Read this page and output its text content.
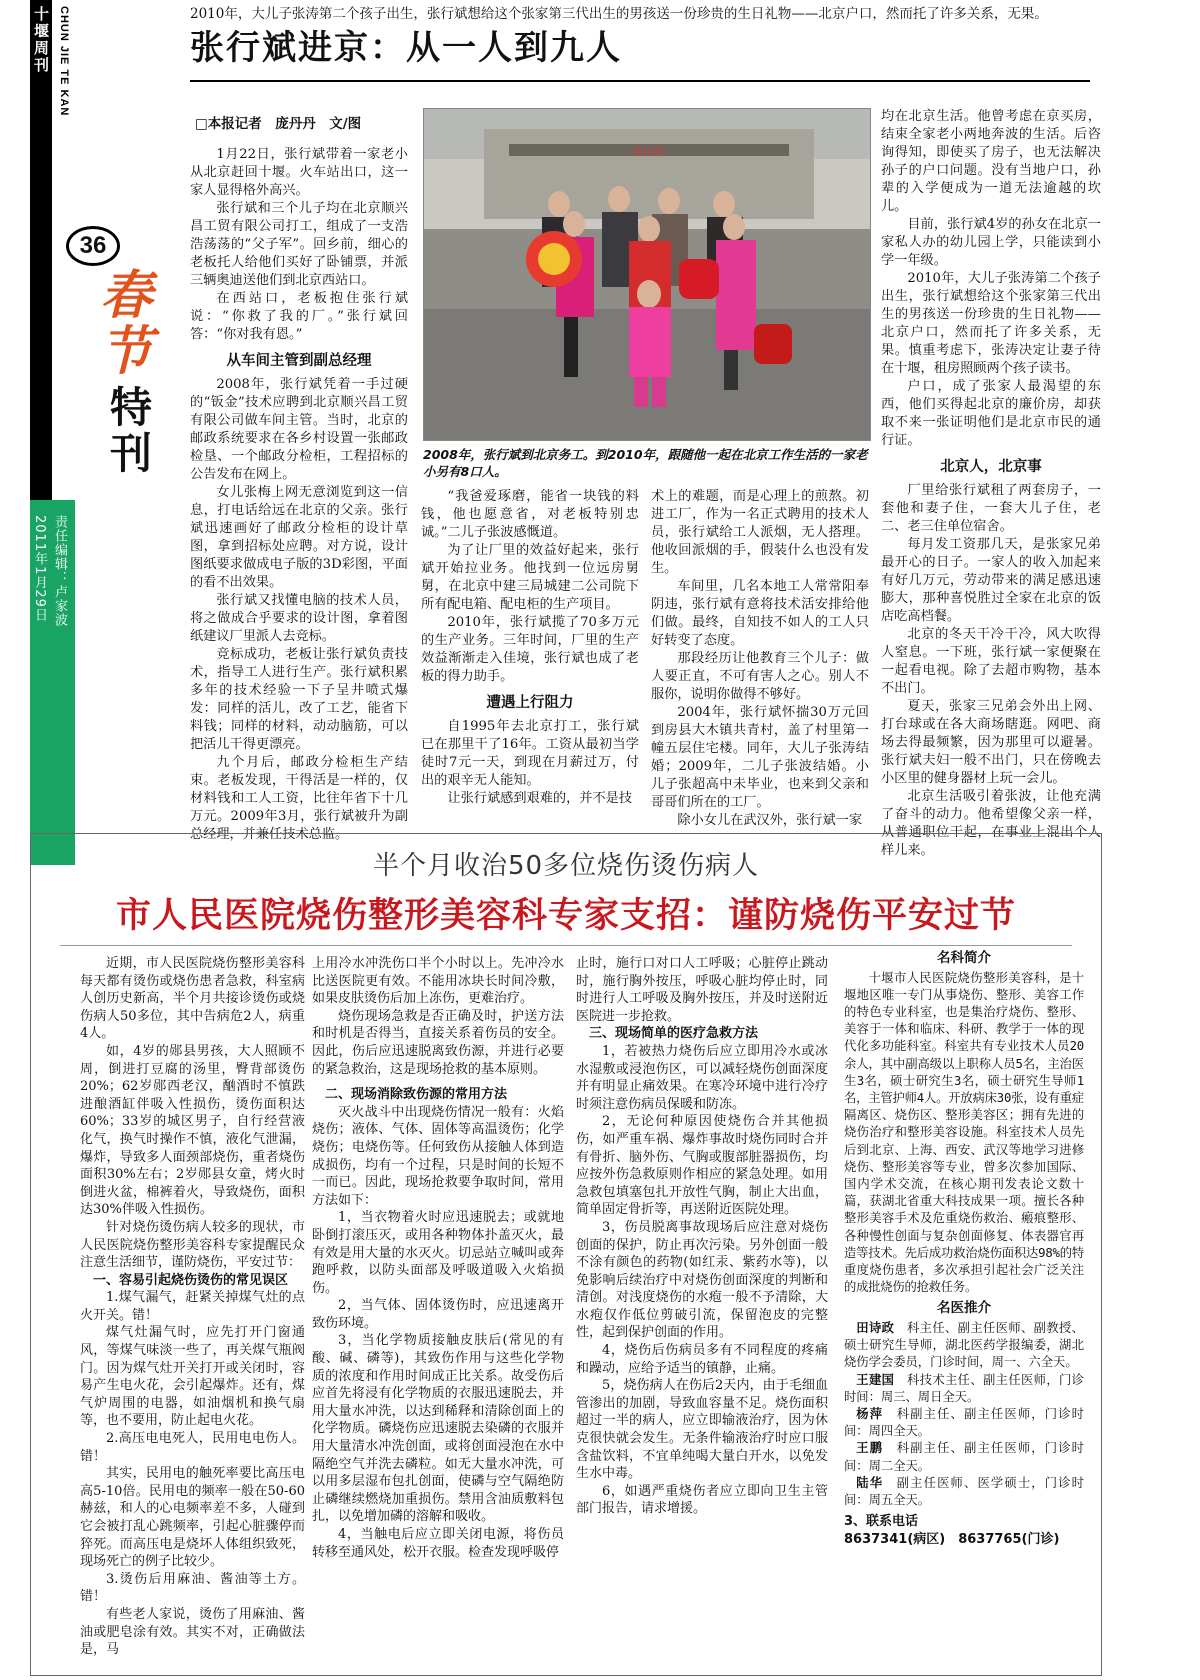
十堰周刊 CHUN JIE TE KAN
36
春节
特刊
2011年1月29日 责任编辑：卢家波
2010年，大儿子张涛第二个孩子出生，张行斌想给这个张家第三代出生的男孩送一份珍贵的生日礼物——北京户口，然而托了许多关系，无果。
张行斌进京：从一人到九人
□本报记者　庞丹丹　文/图

1月22日，张行斌带着一家老小从北京赶回十堰。火车站出口，这一家人显得格外高兴。

张行斌和三个儿子均在北京顺兴昌工贸有限公司打工，组成了一支浩浩荡荡的“父子军”。回乡前，细心的老板托人给他们买好了卧铺票，并派三辆奥迪送他们到北京西站口。

在西站口，老板抱住张行斌说：“你救了我的厂。”张行斌回答：“你对我有恩。”

从车间主管到副总经理

2008年，张行斌凭着一手过硬的“钣金”技术应聘到北京顺兴昌工贸有限公司做车间主管。当时，北京的邮政系统要求在各乡村设置一张邮政检垦、一个邮政分检柜，工程招标的公告发布在网上。

女儿张梅上网无意浏览到这一信息，打电话给远在北京的父亲。张行斌迅速画好了邮政分检柜的设计草图，拿到招标处应聘。对方说，设计图纸要求做成电子版的3D彩图，平面的看不出效果。

张行斌又找懂电脑的技术人员，将之做成合乎要求的设计图，拿着图纸建议厂里派人去竞标。

竞标成功，老板让张行斌负责技术，指导工人进行生产。张行斌积累多年的技术经验一下子呈井喷式爆发：同样的活儿，改了工艺，能省下料钱；同样的材料，动动脑筋，可以把活儿干得更漂亮。

九个月后，邮政分检柜生产结束。老板发现，干得活是一样的，仅材料钱和工人工资，比往年省下十几万元。2009年3月，张行斌被升为副总经理，并兼任技术总监。

站出京
2008年，张行斌到北京务工。到2010年，跟随他一起在北京工作生活的一家老小另有8口人。

“我爸爱琢磨，能省一块钱的料钱，他也愿意省，对老板特别忠诚。”二儿子张波感慨道。

为了让厂里的效益好起来，张行斌开始拉业务。他找到一位远房舅舅，在北京中建三局城建二公司院下所有配电箱、配电柜的生产项目。

2010年，张行斌揽了70多万元的生产业务。三年时间，厂里的生产效益渐渐走入佳境，张行斌也成了老板的得力助手。

遭遇上行阻力

自1995年去北京打工，张行斌已在那里干了16年。工资从最初当学徒时7元一天，到现在月薪过万，付出的艰辛无人能知。

让张行斌感到艰难的，并不是技

术上的难题，而是心理上的煎熬。初进工厂，作为一名正式聘用的技术人员，张行斌给工人派烟，无人搭理。他收回派烟的手，假装什么也没有发生。

车间里，几名本地工人常常阳奉阴违，张行斌有意将技术活安排给他们做。最终，自知技不如人的工人只好转变了态度。

那段经历让他教育三个儿子：做人要正直，不可有害人之心。别人不服你，说明你做得不够好。

2004年，张行斌怀揣30万元回到房县大木镇共青村，盖了村里第一幢五层住宅楼。同年，大儿子张涛结婚；2009年，二儿子张波结婚。小儿子张超高中未毕业，也来到父亲和哥哥们所在的工厂。

除小女儿在武汉外，张行斌一家

均在北京生活。他曾考虑在京买房，结束全家老小两地奔波的生活。后咨询得知，即使买了房子，也无法解决孙子的户口问题。没有当地户口，孙辈的入学便成为一道无法逾越的坎儿。

目前，张行斌4岁的孙女在北京一家私人办的幼儿园上学，只能读到小学一年级。

2010年，大儿子张涛第二个孩子出生，张行斌想给这个张家第三代出生的男孩送一份珍贵的生日礼物——北京户口，然而托了许多关系，无果。慎重考虑下，张涛决定让妻子待在十堰，租房照顾两个孩子读书。

户口，成了张家人最渴望的东西，他们买得起北京的廉价房，却获取不来一张证明他们是北京市民的通行证。

北京人，北京事

厂里给张行斌租了两套房子，一套他和妻子住，一套大儿子住，老二、老三住单位宿舍。

每月发工资那几天，是张家兄弟最开心的日子。一家人的收入加起来有好几万元，劳动带来的满足感迅速膨大，那种喜悦胜过全家在北京的饭店吃高档餐。

北京的冬天干冷干冷，风大吹得人窒息。一下班，张行斌一家便聚在一起看电视。除了去超市购物，基本不出门。

夏天，张家三兄弟会外出上网、打台球或在各大商场瞎逛。网吧、商场去得最频繁，因为那里可以避暑。张行斌夫妇一般不出门，只在傍晚去小区里的健身器材上玩一会儿。

北京生活吸引着张波，让他充满了奋斗的动力。他希望像父亲一样，从普通职位干起，在事业上混出个人样儿来。

半个月收治50多位烧伤烫伤病人
市人民医院烧伤整形美容科专家支招：谨防烧伤平安过节

近期，市人民医院烧伤整形美容科每天都有烫伤或烧伤患者急救，科室病人创历史新高，半个月共接诊烫伤或烧伤病人50多位，其中告病危2人，病重4人。

如，4岁的郧县男孩，大人照顾不周，倒进打豆腐的汤里，臀背部烫伤20%；62岁郧西老汉，酗酒时不慎跌进酿酒缸伴吸入性损伤，烫伤面积达60%；33岁的城区男子，自行经营液化气，换气时操作不慎，液化气泄漏，爆炸，导致多人面颈部烧伤，重者烧伤面积30%左右；2岁郧县女童，烤火时倒进火盆，棉裤着火，导致烧伤，面积达30%伴吸入性损伤。

针对烧伤烫伤病人较多的现状，市人民医院烧伤整形美容科专家提醒民众注意生活细节，谨防烧伤，平安过节：

一、容易引起烧伤烫伤的常见误区

1.煤气漏气，赶紧关掉煤气灶的点火开关。错！

煤气灶漏气时，应先打开门窗通风，等煤气味淡一些了，再关煤气瓶阀门。因为煤气灶开关打开或关闭时，容易产生电火花，会引起爆炸。还有，煤气炉周围的电器，如油烟机和换气扇等，也不要用，防止起电火花。

2.高压电电死人，民用电电伤人。错！

其实，民用电的触死率要比高压电高5-10倍。民用电的频率一般在50-60赫兹，和人的心电频率差不多，人碰到它会被打乱心跳频率，引起心脏骤停而猝死。而高压电是烧坏人体组织致死，现场死亡的例子比较少。

3.烫伤后用麻油、酱油等土方。错！

有些老人家说，烫伤了用麻油、酱油或肥皂涂有效。其实不对，正确做法是，马

上用冷水冲洗伤口半个小时以上。先冲冷水比送医院更有效。不能用冰块长时间冷敷，如果皮肤烫伤后加上冻伤，更难治疗。

烧伤现场急救是否正确及时，护送方法和时机是否得当，直接关系着伤员的安全。因此，伤后应迅速脱离致伤源，并进行必要的紧急救治，这是现场抢救的基本原则。

二、现场消除致伤源的常用方法

灭火战斗中出现烧伤情况一般有：火焰烧伤；液体、气体、固体等高温烫伤；化学烧伤；电烧伤等。任何致伤从接触人体到造成损伤，均有一个过程，只是时间的长短不一而已。因此，现场抢救要争取时间，常用方法如下：

1，当衣物着火时应迅速脱去；或就地卧倒打滚压灭，或用各种物体扑盖灭火，最有效是用大量的水灭火。切忌站立喊叫或奔跑呼救，以防头面部及呼吸道吸入火焰损伤。

2，当气体、固体烫伤时，应迅速离开致伤环境。

3，当化学物质接触皮肤后(常见的有酸、碱、磷等)，其致伤作用与这些化学物质的浓度和作用时间成正比关系。故受伤后应首先将浸有化学物质的衣服迅速脱去，并用大量水冲洗，以达到稀释和清除创面上的化学物质。磷烧伤应迅速脱去染磷的衣服并用大量清水冲洗创面，或将创面浸泡在水中隔绝空气并洗去磷粒。如无大量水冲洗，可以用多层湿布包扎创面，使磷与空气隔绝防止磷继续燃烧加重损伤。禁用含油质敷料包扎，以免增加磷的溶解和吸收。

4，当触电后应立即关闭电源，将伤员转移至通风处，松开衣服。检查发现呼吸停

止时，施行口对口人工呼吸；心脏停止跳动时，施行胸外按压，呼吸心脏均停止时，同时进行人工呼吸及胸外按压，并及时送附近医院进一步抢救。

三、现场简单的医疗急救方法

1，若被热力烧伤后应立即用冷水或冰水湿敷或浸泡伤区，可以减轻烧伤创面深度并有明显止痛效果。在寒冷环境中进行冷疗时须注意伤病员保暖和防冻。

2，无论何种原因使烧伤合并其他损伤，如严重车祸、爆炸事故时烧伤同时合并有骨折、脑外伤、气胸或腹部脏器损伤，均应按外伤急救原则作相应的紧急处理。如用急救包填塞包扎开放性气胸，制止大出血，简单固定骨折等，再送附近医院处理。

3，伤员脱离事故现场后应注意对烧伤创面的保护，防止再次污染。另外创面一般不涂有颜色的药物(如红汞、紫药水等)，以免影响后续治疗中对烧伤创面深度的判断和清创。对浅度烧伤的水疱一般不予清除，大水疱仅作低位剪破引流，保留泡皮的完整性，起到保护创面的作用。

4，烧伤后伤病员多有不同程度的疼痛和躁动，应给予适当的镇静，止痛。

5，烧伤病人在伤后2天内，由于毛细血管渗出的加剧，导致血容量不足。烧伤面积超过一半的病人，应立即输液治疗，因为休克很快就会发生。无条件输液治疗时应口服含盐饮料，不宜单纯喝大量白开水，以免发生水中毒。

6，如遇严重烧伤者应立即向卫生主管部门报告，请求增援。

名科简介

十堰市人民医院烧伤整形美容科，是十堰地区唯一专门从事烧伤、整形、美容工作的特色专业科室，也是集治疗烧伤、整形、美容于一体和临床、科研、教学于一体的现代化多功能科室。科室共有专业技术人员20余人，其中副高级以上职称人员5名，主治医生3名，硕士研究生3名，硕士研究生导师1名，主管护师4人。开放病床30张，设有重症隔离区、烧伤区、整形美容区；拥有先进的烧伤治疗和整形美容设施。科室技术人员先后到北京、上海、西安、武汉等地学习进修烧伤、整形美容等专业，曾多次参加国际、国内学术交流，在核心期刊发表论文数十篇，获湖北省重大科技成果一项。擅长各种整形美容手术及危重烧伤救治、瘢痕整形、各种慢性创面与复杂创面修复、体表器官再造等技术。先后成功救治烧伤面积达98%的特重度烧伤患者，多次承担引起社会广泛关注的成批烧伤的抢救任务。

名医推介

田诗政　 科主任、副主任医师、副教授、硕士研究生导师，湖北医药学报编委，湖北烧伤学会委员，门诊时间，周一、六全天。

王建国　 科技术主任、副主任医师，门诊时间：周三、周日全天。

杨萍　 科副主任、副主任医师，门诊时间：周四全天。

王鹏　 科副主任、副主任医师，门诊时间：周二全天。

陆华　 副主任医师、医学硕士，门诊时间：周五全天。

3、联系电话

8637341(病区)　8637765(门诊)
